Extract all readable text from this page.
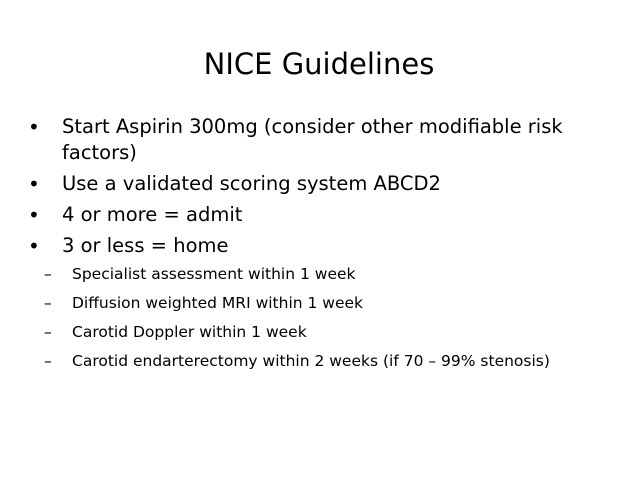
NICE Guidelines
•	Start Aspirin 300mg (consider other modifiable risk factors)
•	Use a validated scoring system ABCD2
•	4 or more = admit
•	3 or less = home
–	Specialist assessment within 1 week
–	Diffusion weighted MRI within 1 week
–	Carotid Doppler within 1 week
–	Carotid endarterectomy within 2 weeks (if 70 – 99% stenosis)
